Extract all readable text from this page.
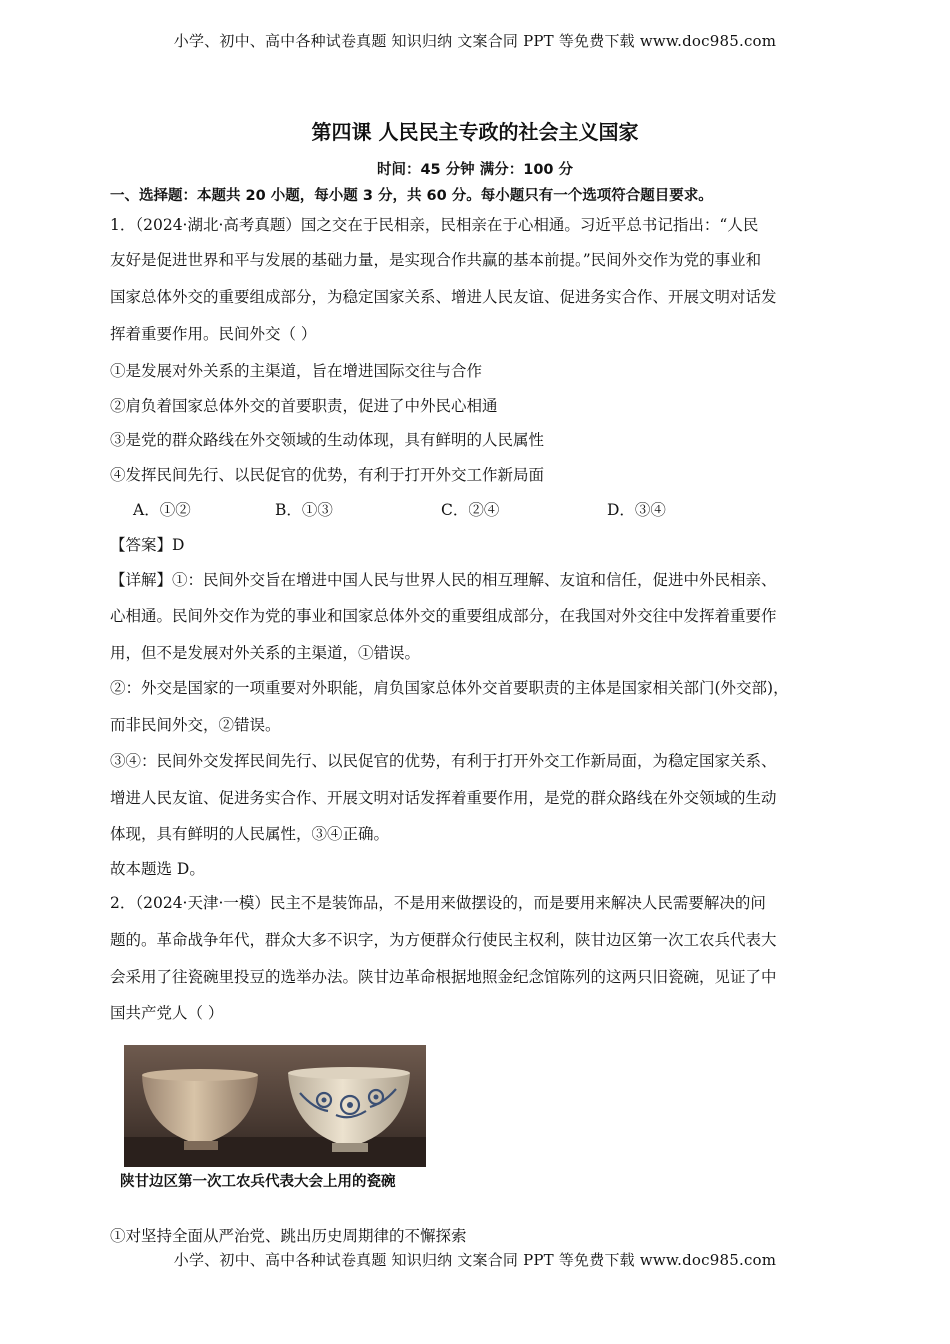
小学、初中、高中各种试卷真题 知识归纳 文案合同 PPT 等免费下载 www.doc985.com
第四课 人民民主专政的社会主义国家
时间：45 分钟 满分：100 分
一、选择题：本题共 20 小题，每小题 3 分，共 60 分。每小题只有一个选项符合题目要求。
1．（2024·湖北·高考真题）国之交在于民相亲，民相亲在于心相通。习近平总书记指出：“人民
友好是促进世界和平与发展的基础力量，是实现合作共赢的基本前提。”民间外交作为党的事业和
国家总体外交的重要组成部分，为稳定国家关系、增进人民友谊、促进务实合作、开展文明对话发
挥着重要作用。民间外交（ ）
①是发展对外关系的主渠道，旨在增进国际交往与合作
②肩负着国家总体外交的首要职责，促进了中外民心相通
③是党的群众路线在外交领域的生动体现，具有鲜明的人民属性
④发挥民间先行、以民促官的优势，有利于打开外交工作新局面
A．①②	B．①③	C．②④	D．③④
【答案】D
【详解】①：民间外交旨在增进中国人民与世界人民的相互理解、友谊和信任，促进中外民相亲、
心相通。民间外交作为党的事业和国家总体外交的重要组成部分，在我国对外交往中发挥着重要作
用，但不是发展对外关系的主渠道，①错误。
②：外交是国家的一项重要对外职能，肩负国家总体外交首要职责的主体是国家相关部门(外交部)，
而非民间外交，②错误。
③④：民间外交发挥民间先行、以民促官的优势，有利于打开外交工作新局面，为稳定国家关系、
增进人民友谊、促进务实合作、开展文明对话发挥着重要作用，是党的群众路线在外交领域的生动
体现，具有鲜明的人民属性，③④正确。
故本题选 D。
2．（2024·天津·一模）民主不是装饰品，不是用来做摆设的，而是要用来解决人民需要解决的问
题的。革命战争年代，群众大多不识字，为方便群众行使民主权利，陕甘边区第一次工农兵代表大
会采用了往瓷碗里投豆的选举办法。陕甘边革命根据地照金纪念馆陈列的这两只旧瓷碗，见证了中
国共产党人（ ）
陕甘边区第一次工农兵代表大会上用的瓷碗
①对坚持全面从严治党、跳出历史周期律的不懈探索
小学、初中、高中各种试卷真题 知识归纳 文案合同 PPT 等免费下载 www.doc985.com
